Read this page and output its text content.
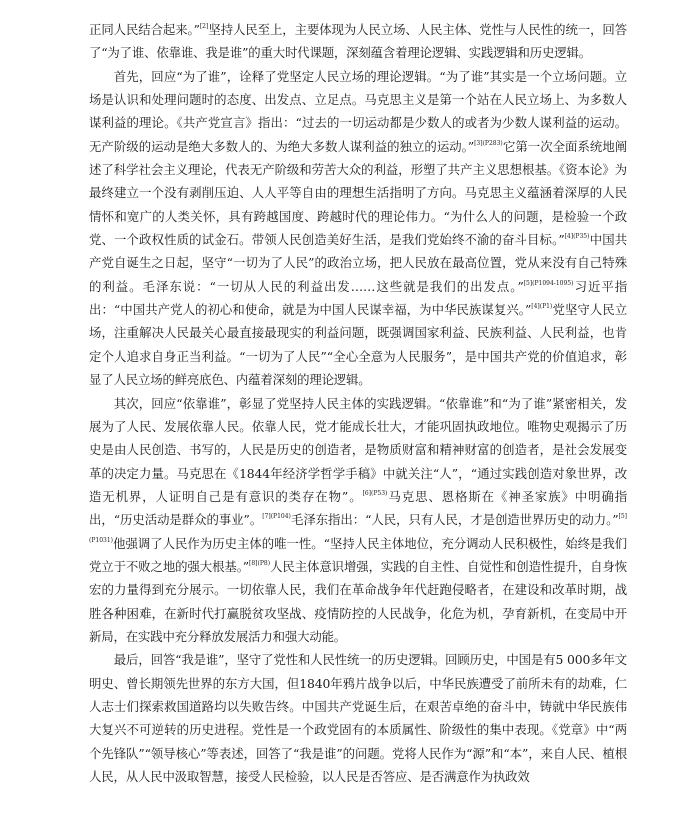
正同人民结合起来。”[2]坚持人民至上，主要体现为人民立场、人民主体、党性与人民性的统一，回答了“为了谁、依靠谁、我是谁”的重大时代课题，深刻蕴含着理论逻辑、实践逻辑和历史逻辑。

首先，回应“为了谁”，诠释了党坚定人民立场的理论逻辑。“为了谁”其实是一个立场问题。立场是认识和处理问题时的态度、出发点、立足点。马克思主义是第一个站在人民立场上、为多数人谋利益的理论。《共产党宣言》指出：“过去的一切运动都是少数人的或者为少数人谋利益的运动。无产阶级的运动是绝大多数人的、为绝大多数人谋利益的独立的运动。”$^{[3](P283)}$它第一次全面系统地阐述了科学社会主义理论，代表无产阶级和劳苦大众的利益，形塑了共产主义思想根基。《资本论》为最终建立一个没有剥削压迫、人人平等自由的理想生活指明了方向。马克思主义蕴涵着深厚的人民情怀和宽广的人类关怀，具有跨越国度、跨越时代的理论伟力。“为什么人的问题，是检验一个政党、一个政权性质的试金石。带领人民创造美好生活，是我们党始终不渝的奋斗目标。”$^{[4](P35)}$中国共产党自诞生之日起，坚守“一切为了人民”的政治立场，把人民放在最高位置，党从来没有自己特殊的利益。毛泽东说：“一切从人民的利益出发……这些就是我们的出发点。”$^{[5](P1094-1095)}$习近平指出：“中国共产党人的初心和使命，就是为中国人民谋幸福，为中华民族谋复兴。”$^{[4](P1)}$党坚守人民立场，注重解决人民最关心最直接最现实的利益问题，既强调国家利益、民族利益、人民利益，也肯定个人追求自身正当利益。“一切为了人民”“全心全意为人民服务”，是中国共产党的价值追求，彰显了人民立场的鲜亮底色、内蕴着深刻的理论逻辑。

其次，回应“依靠谁”，彰显了党坚持人民主体的实践逻辑。“依靠谁”和“为了谁”紧密相关，发展为了人民、发展依靠人民。依靠人民，党才能成长壮大，才能巩固执政地位。唯物史观揭示了历史是由人民创造、书写的，人民是历史的创造者，是物质财富和精神财富的创造者，是社会发展变革的决定力量。马克思在《1844年经济学哲学手稿》中就关注“人”，“通过实践创造对象世界，改造无机界，人证明自己是有意识的类存在物”。$^{[6](P53)}$马克思、恩格斯在《神圣家族》中明确指出，“历史活动是群众的事业”。$^{[7](P104)}$毛泽东指出：“人民，只有人民，才是创造世界历史的动力。”$^{[5](P1031)}$他强调了人民作为历史主体的唯一性。“坚持人民主体地位，充分调动人民积极性，始终是我们党立于不败之地的强大根基。”$^{[8](P8)}$人民主体意识增强，实践的自主性、自觉性和创造性提升，自身恢宏的力量得到充分展示。一切依靠人民，我们在革命战争年代赶跑侵略者，在建设和改革时期，战胜各种困难，在新时代打赢脱贫攻坚战、疫情防控的人民战争，化危为机，孕育新机，在变局中开新局，在实践中充分释放发展活力和强大动能。

最后，回答“我是谁”，坚守了党性和人民性统一的历史逻辑。回顾历史，中国是有5 000多年文明史、曾长期领先世界的东方大国，但1840年鸦片战争以后，中华民族遭受了前所未有的劫难，仁人志士们探索救国道路均以失败告终。中国共产党诞生后，在艰苦卓绝的奋斗中，铸就中华民族伟大复兴不可逆转的历史进程。党性是一个政党固有的本质属性、阶级性的集中表现。《党章》中“两个先锋队”“领导核心”等表述，回答了“我是谁”的问题。党将人民作为“源”和“本”，来自人民、植根人民，从人民中汲取智慧，接受人民检验，以人民是否答应、是否满意作为执政效
